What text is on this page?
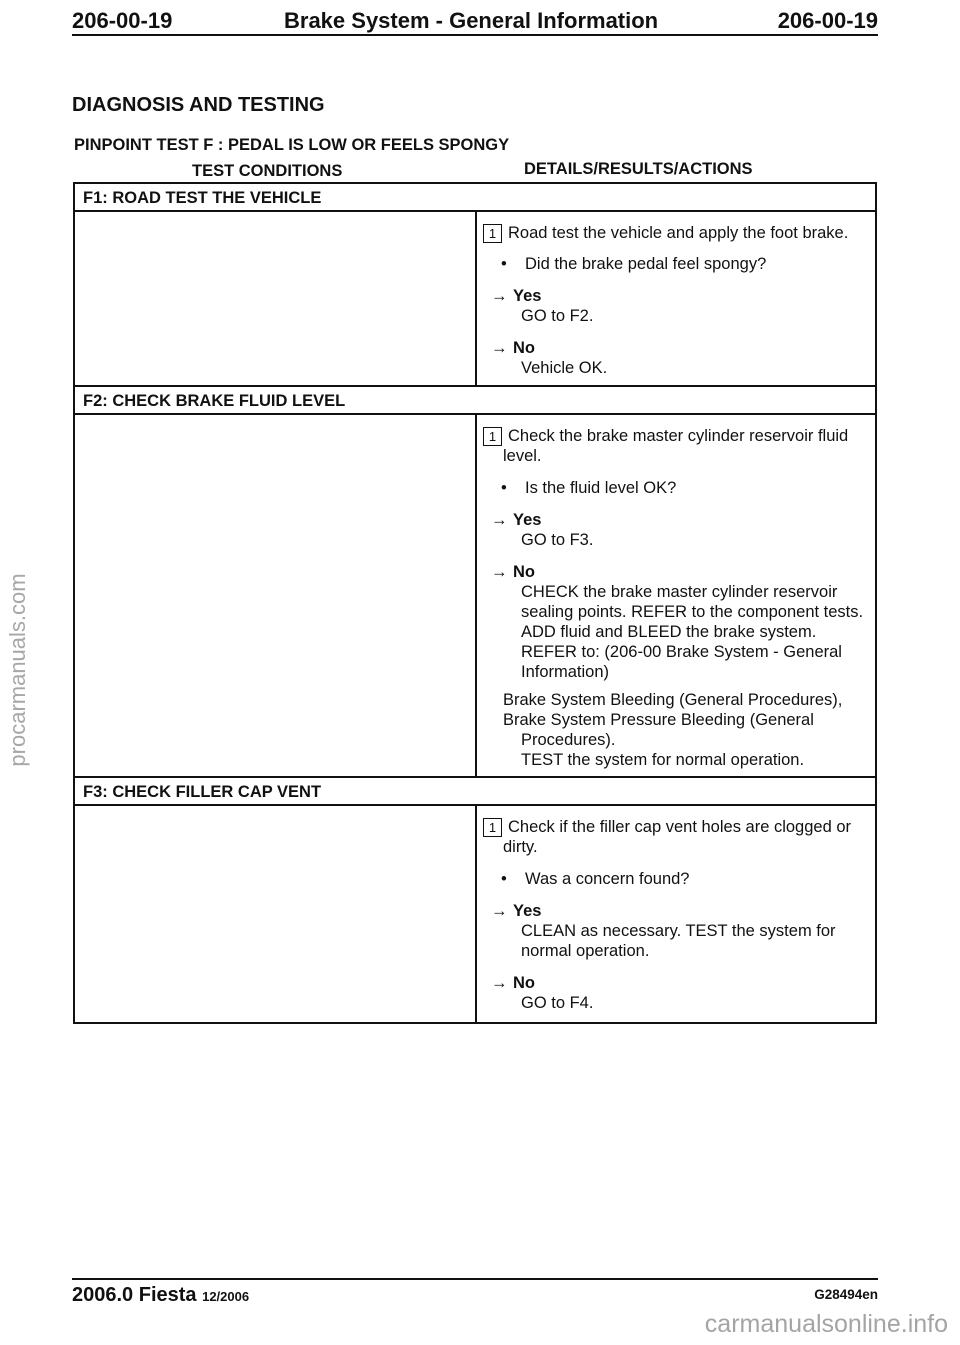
206-00-19	Brake System - General Information	206-00-19
DIAGNOSIS AND TESTING
PINPOINT TEST F : PEDAL IS LOW OR FEELS SPONGY
TEST CONDITIONS	DETAILS/RESULTS/ACTIONS
F1: ROAD TEST THE VEHICLE
1 Road test the vehicle and apply the foot brake.
• Did the brake pedal feel spongy?
→ Yes
GO to F2.
→ No
Vehicle OK.
F2: CHECK BRAKE FLUID LEVEL
1 Check the brake master cylinder reservoir fluid
level.
• Is the fluid level OK?
→ Yes
GO to F3.
→ No
CHECK the brake master cylinder reservoir
sealing points. REFER to the component tests.
ADD fluid and BLEED the brake system.
REFER to: (206-00 Brake System - General
Information)
Brake System Bleeding (General Procedures),
Brake System Pressure Bleeding (General
Procedures).
TEST the system for normal operation.
F3: CHECK FILLER CAP VENT
1 Check if the filler cap vent holes are clogged or
dirty.
• Was a concern found?
→ Yes
CLEAN as necessary. TEST the system for
normal operation.
→ No
GO to F4.
2006.0 Fiesta 12/2006	G28494en
procarmanuals.com
carmanualsonline.info
